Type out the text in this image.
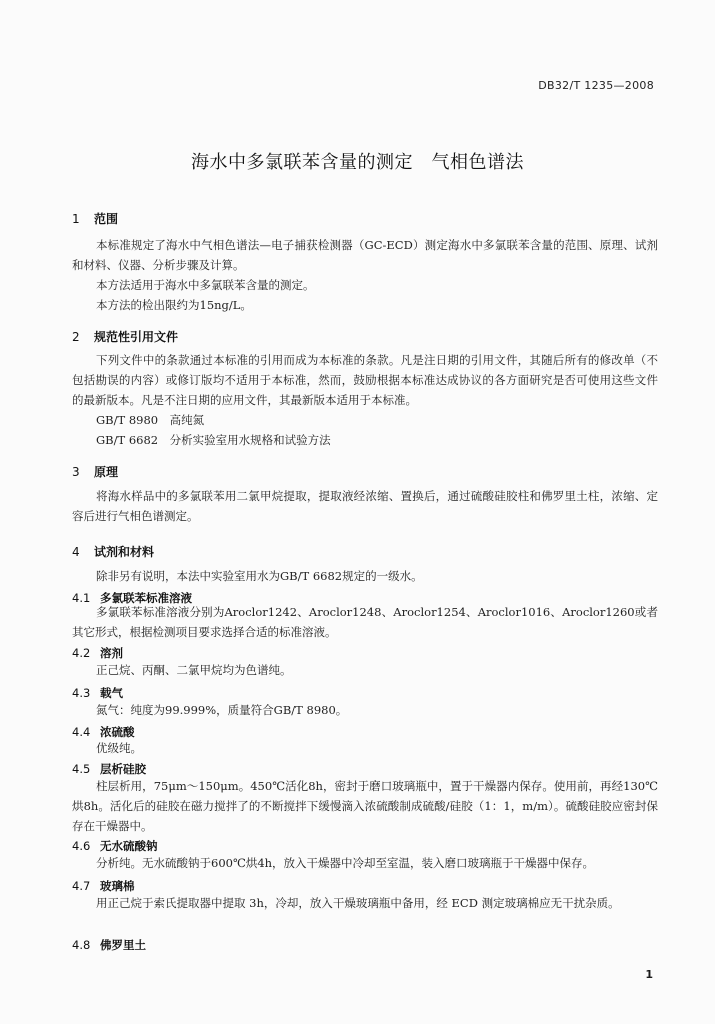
DB32/T 1235—2008
海水中多氯联苯含量的测定　气相色谱法
1 范围
本标准规定了海水中气相色谱法—电子捕获检测器（GC-ECD）测定海水中多氯联苯含量的范围、原理、试剂和材料、仪器、分析步骤及计算。
本方法适用于海水中多氯联苯含量的测定。
本方法的检出限约为15ng/L。
2 规范性引用文件
下列文件中的条款通过本标准的引用而成为本标准的条款。凡是注日期的引用文件，其随后所有的修改单（不包括勘误的内容）或修订版均不适用于本标准，然而，鼓励根据本标准达成协议的各方面研究是否可使用这些文件的最新版本。凡是不注日期的应用文件，其最新版本适用于本标准。
GB/T 8980　高纯氮
GB/T 6682　分析实验室用水规格和试验方法
3 原理
将海水样品中的多氯联苯用二氯甲烷提取，提取液经浓缩、置换后，通过硫酸硅胶柱和佛罗里土柱，浓缩、定容后进行气相色谱测定。
4 试剂和材料
除非另有说明，本法中实验室用水为GB/T 6682规定的一级水。
4.1 多氯联苯标准溶液
多氯联苯标准溶液分别为Aroclor1242、Aroclor1248、Aroclor1254、Aroclor1016、Aroclor1260或者其它形式，根据检测项目要求选择合适的标准溶液。
4.2 溶剂
正己烷、丙酮、二氯甲烷均为色谱纯。
4.3 载气
氮气：纯度为99.999%，质量符合GB/T 8980。
4.4 浓硫酸
优级纯。
4.5 层析硅胶
柱层析用，75μm～150μm。450℃活化8h，密封于磨口玻璃瓶中，置于干燥器内保存。使用前，再经130℃烘8h。活化后的硅胶在磁力搅拌了的不断搅拌下缓慢滴入浓硫酸制成硫酸/硅胶（1：1，m/m）。硫酸硅胶应密封保存在干燥器中。
4.6 无水硫酸钠
分析纯。无水硫酸钠于600℃烘4h，放入干燥器中冷却至室温，装入磨口玻璃瓶于干燥器中保存。
4.7 玻璃棉
用正己烷于索氏提取器中提取 3h，冷却，放入干燥玻璃瓶中备用，经 ECD 测定玻璃棉应无干扰杂质。
4.8 佛罗里土
1
